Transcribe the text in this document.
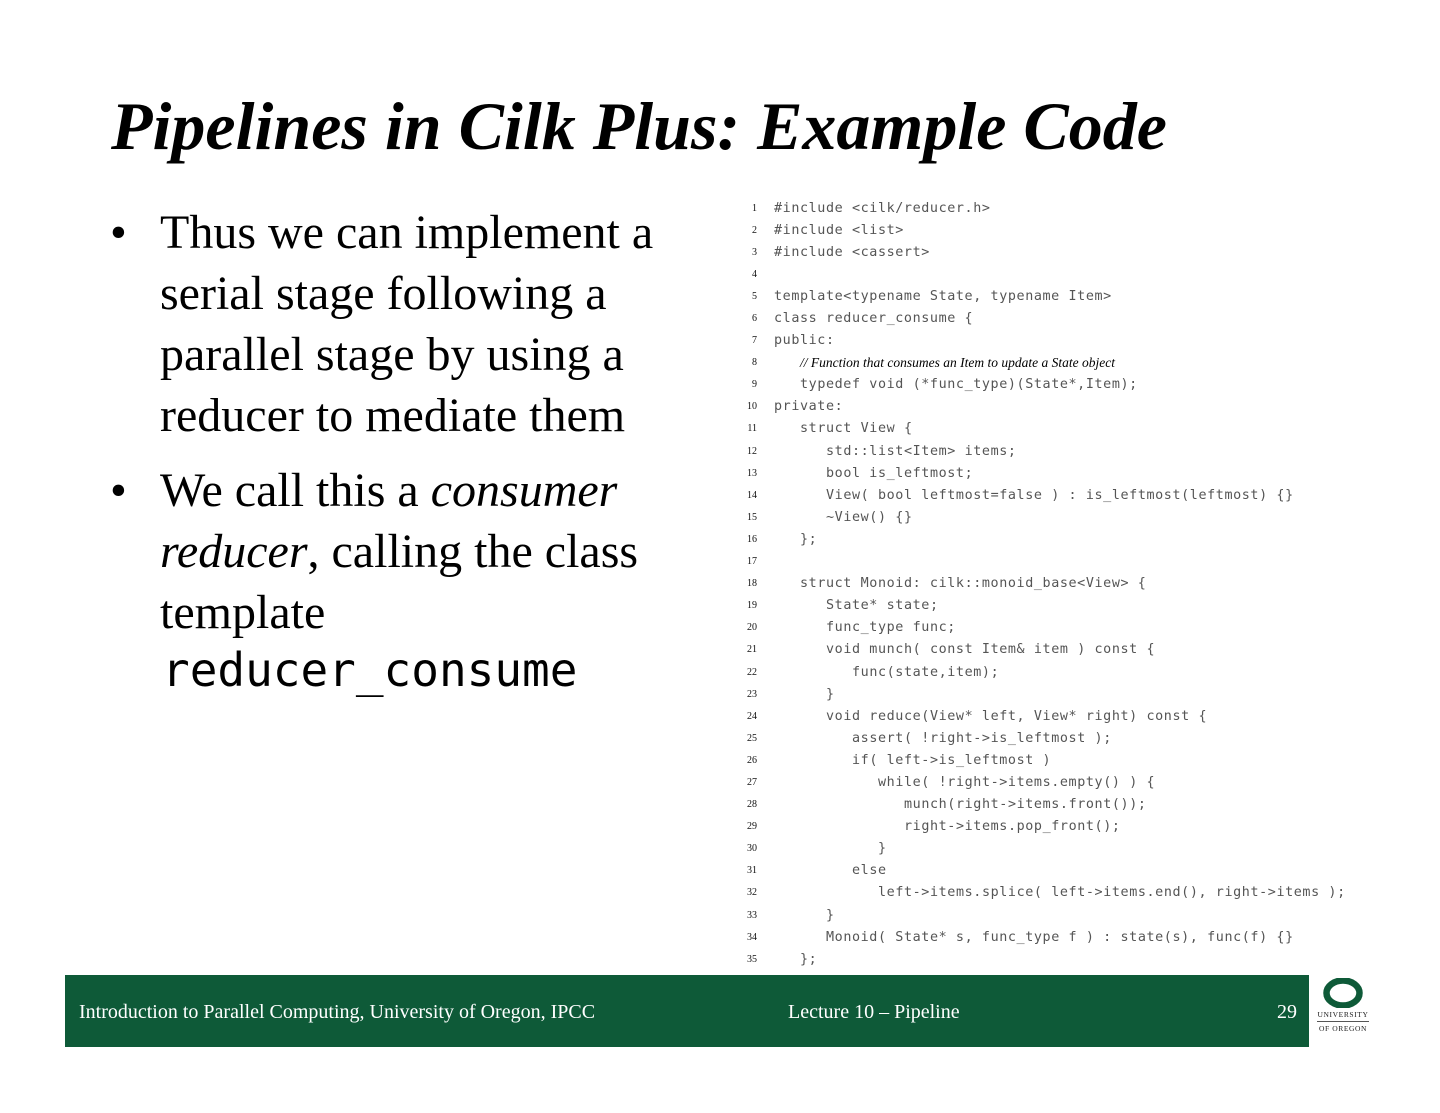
Pipelines in Cilk Plus: Example Code
• Thus we can implement a serial stage following a parallel stage by using a reducer to mediate them
• We call this a consumer reducer, calling the class template
reducer_consume
1 #include <cilk/reducer.h>
2 #include <list>
3 #include <cassert>
4
5 template<typename State, typename Item>
6 class reducer_consume {
7 public:
8	// Function that consumes an Item to update a State object
9	typedef void (*func_type)(State*,Item);
10 private:
11	struct View {
12	std::list<Item> items;
13	bool is_leftmost;
14	View( bool leftmost=false ) : is_leftmost(leftmost) {}
15	~View() {}
16	};
17
18	struct Monoid: cilk::monoid_base<View> {
19	State* state;
20	func_type func;
21	void munch( const Item& item ) const {
22	func(state,item);
23	}
24	void reduce(View* left, View* right) const {
25	assert( !right->is_leftmost );
26	if( left->is_leftmost )
27	while( !right->items.empty() ) {
28	munch(right->items.front());
29	right->items.pop_front();
30	}
31	else
32	left->items.splice( left->items.end(), right->items );
33	}
34	Monoid( State* s, func_type f ) : state(s), func(f) {}
35	};
Introduction to Parallel Computing, University of Oregon, IPCC	Lecture 10 – Pipeline	29	UNIVERSITY
OF OREGON
